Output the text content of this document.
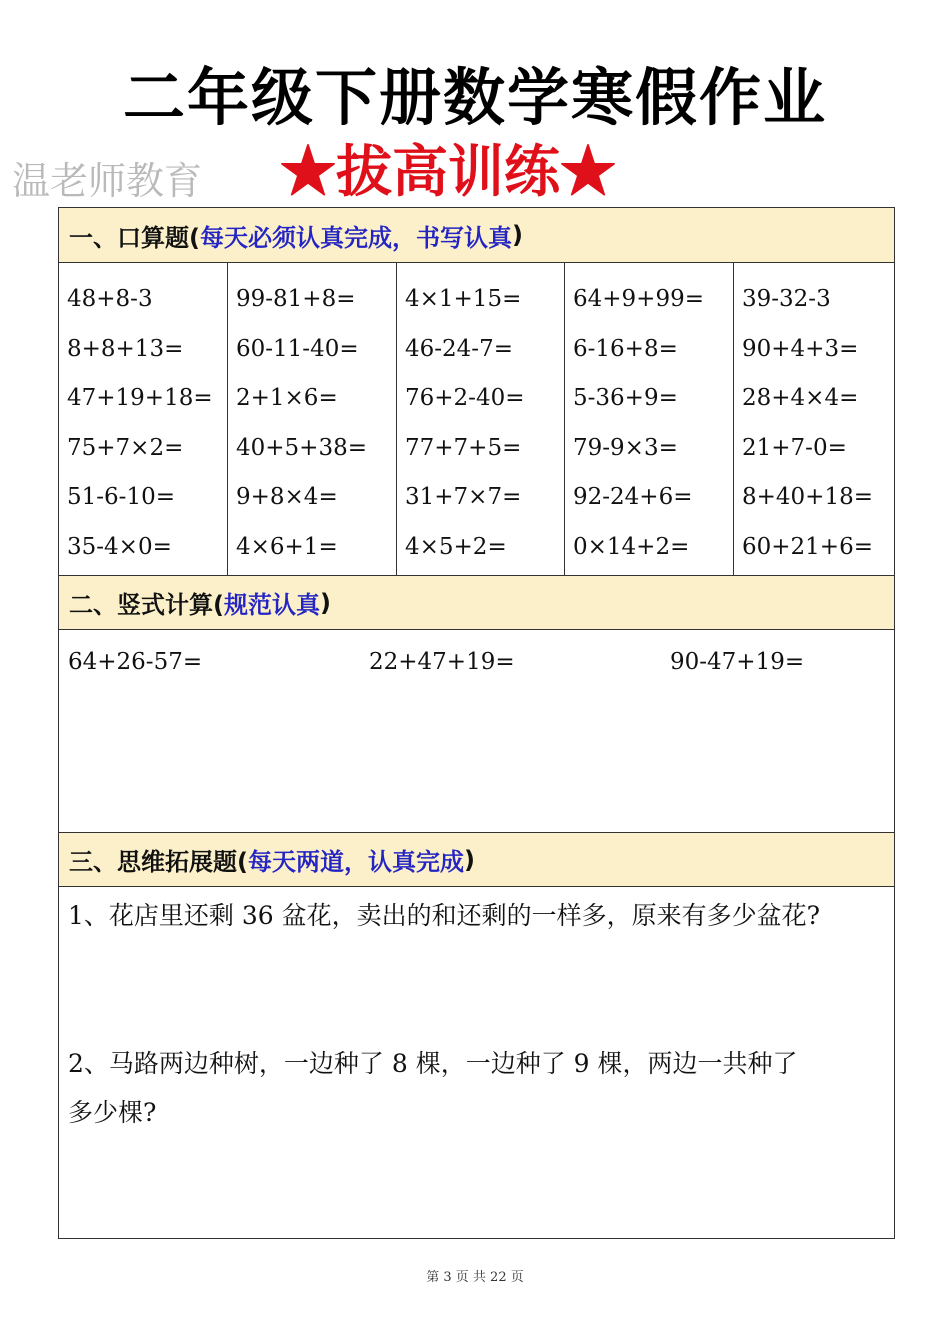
二年级下册数学寒假作业
温老师教育 ★拔高训练★
一、口算题( 每天必须认真完成，书写认真 )
48+8-3
8+8+13=
47+19+18=
75+7×2=
51-6-10=
35-4×0=
99-81+8=
60-11-40=
2+1×6=
40+5+38=
9+8×4=
4×6+1=
4×1+15=
46-24-7=
76+2-40=
77+7+5=
31+7×7=
4×5+2=
64+9+99=
6-16+8=
5-36+9=
79-9×3=
92-24+6=
0×14+2=
39-32-3
90+4+3=
28+4×4=
21+7-0=
8+40+18=
60+21+6=
二、竖式计算( 规范认真 )
64+26-57=	22+47+19=	90-47+19=
三、思维拓展题( 每天两道，认真完成 )
1、花店里还剩 36 盆花，卖出的和还剩的一样多，原来有多少盆花?
2、马路两边种树，一边种了 8 棵，一边种了 9 棵，两边一共种了
多少棵?
第 3 页 共 22 页
